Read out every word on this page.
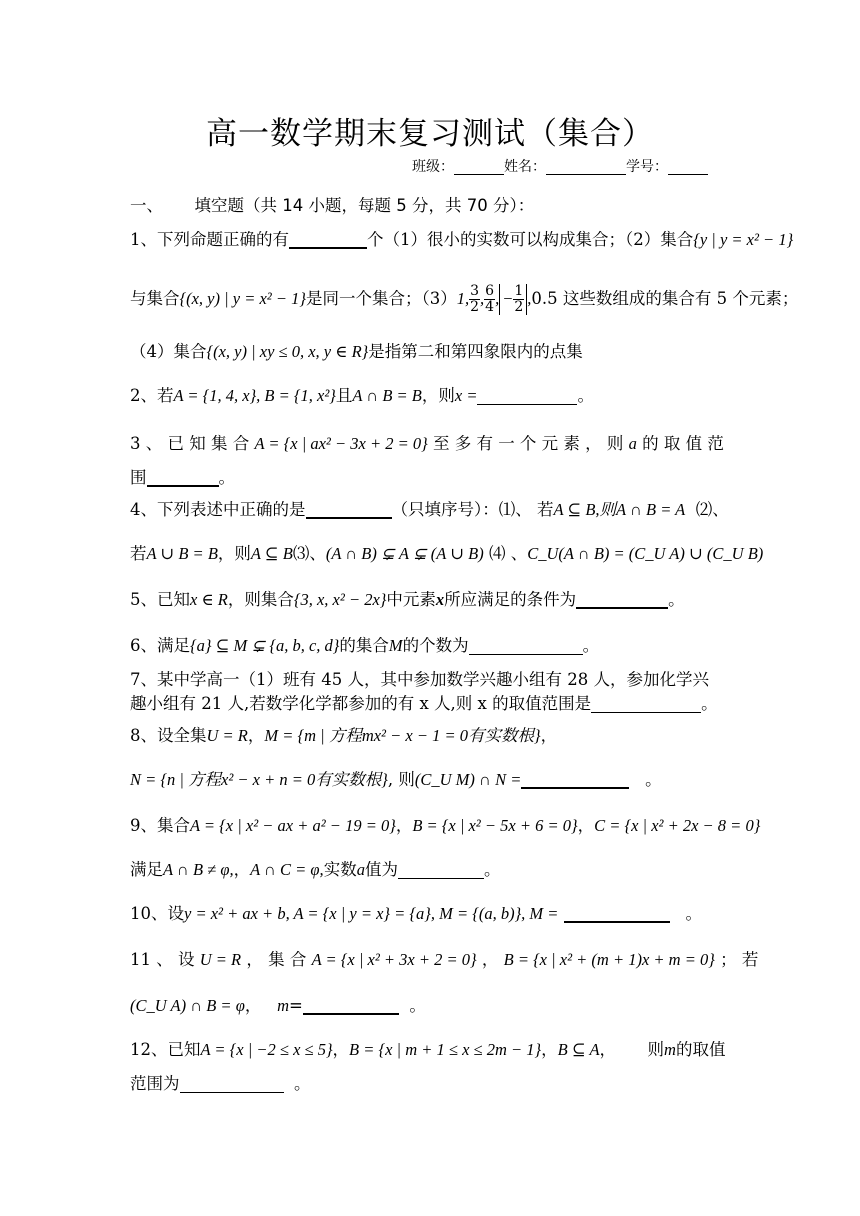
高一数学期末复习测试（集合）
班级：	姓名：	学号：
一、 填空题（共 14 小题，每题 5 分，共 70 分）：
1、下列命题正确的有	个（1）很小的实数可以构成集合；（2）集合{y | y = x² − 1}
与集合{(x, y) | y = x² − 1}是同一个集合；（3）1, $\frac{3}{2}$ , $\frac{6}{4}$ , − $\frac{1}{2} ,0.5$ 这些数组成的集合有 5 个元素；
（4）集合{(x, y) | xy ≤ 0, x, y ∈ R}是指第二和第四象限内的点集
2、若A = {1, 4, x}, B = {1, x²}且A ∩ B = B，则x =	。
3 、 已 知 集 合 A = {x | ax² − 3x + 2 = 0} 至 多 有 一 个 元 素 ， 则 a 的 取 值 范
围	。
4、下列表述中正确的是	（只填序号）：⑴、 若A ⊆ B,则A ∩ B = A ⑵、
若A ∪ B = B，则A ⊆ B⑶、(A ∩ B) ⊊ A ⊊ (A ∪ B) ⑷ 、C_U(A ∩ B) = (C_U A) ∪ (C_U B)
5、已知x ∈ R，则集合{3, x, x² − 2x}中元素x所应满足的条件为	。
6、满足{a} ⊆ M ⊊ {a, b, c, d}的集合M的个数为	。
7、某中学高一（1）班有 45 人，其中参加数学兴趣小组有 28 人，参加化学兴
趣小组有 21 人,若数学化学都参加的有 x 人,则 x 的取值范围是	。
8、设全集U = R，M = {m | 方程mx² − x − 1 = 0有实数根}，
N = {n | 方程x² − x + n = 0有实数根}, 则(C_U M) ∩ N =	。
9、集合A = {x | x² − ax + a² − 19 = 0}，B = {x | x² − 5x + 6 = 0}，C = {x | x² + 2x − 8 = 0}
满足A ∩ B ≠ φ,，A ∩ C = φ,实数a值为	。
10、设y = x² + ax + b, A = {x | y = x} = {a}, M = {(a, b)}, M =	。
11 、 设 U = R ， 集 合 A = {x | x² + 3x + 2 = 0} ， B = {x | x² + (m + 1)x + m = 0} ； 若
(C_U A) ∩ B = φ， m=	。
12、已知A = {x | −2 ≤ x ≤ 5}，B = {x | m + 1 ≤ x ≤ 2m − 1}，B ⊆ A， 则m的取值
范围为	。
